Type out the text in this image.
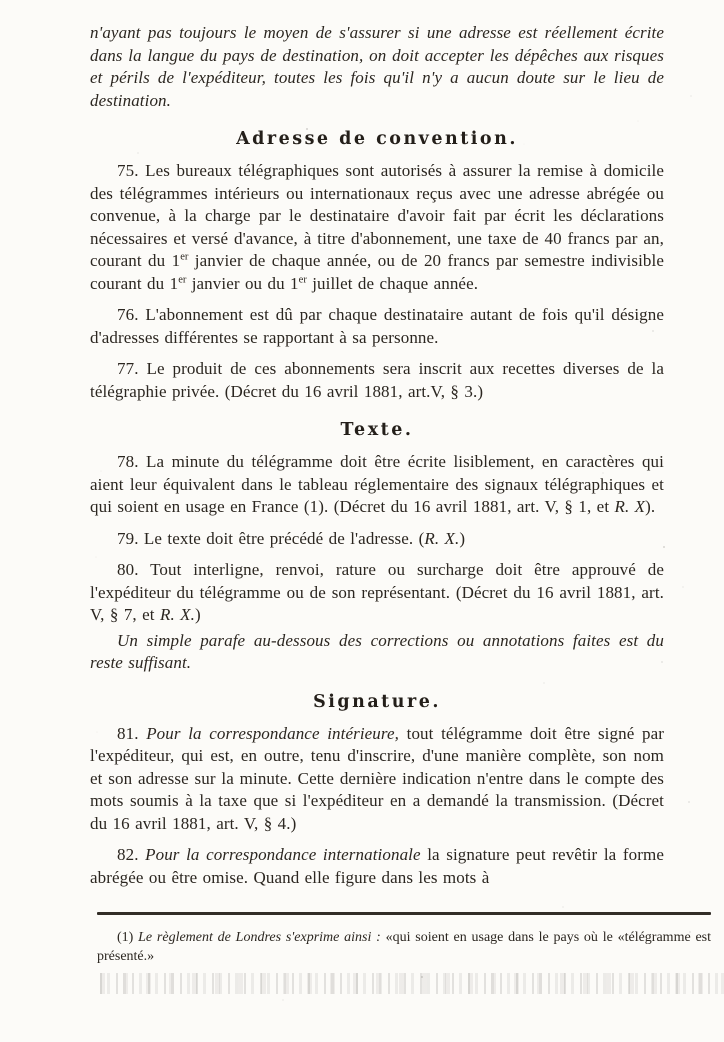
n'ayant pas toujours le moyen de s'assurer si une adresse est réellement écrite dans la langue du pays de destination, on doit accepter les dépêches aux risques et périls de l'expéditeur, toutes les fois qu'il n'y a aucun doute sur le lieu de destination.

Adresse de convention.

75. Les bureaux télégraphiques sont autorisés à assurer la remise à domicile des télégrammes intérieurs ou internationaux reçus avec une adresse abrégée ou convenue, à la charge par le destinataire d'avoir fait par écrit les déclarations nécessaires et versé d'avance, à titre d'abonnement, une taxe de 40 francs par an, courant du 1er janvier de chaque année, ou de 20 francs par semestre indivisible courant du 1er janvier ou du 1er juillet de chaque année.

76. L'abonnement est dû par chaque destinataire autant de fois qu'il désigne d'adresses différentes se rapportant à sa personne.

77. Le produit de ces abonnements sera inscrit aux recettes diverses de la télégraphie privée. (Décret du 16 avril 1881, art.V, § 3.)

Texte.

78. La minute du télégramme doit être écrite lisiblement, en caractères qui aient leur équivalent dans le tableau réglementaire des signaux télégraphiques et qui soient en usage en France (1). (Décret du 16 avril 1881, art. V, § 1, et R. X).

79. Le texte doit être précédé de l'adresse. (R. X.)

80. Tout interligne, renvoi, rature ou surcharge doit être approuvé de l'expéditeur du télégramme ou de son représentant. (Décret du 16 avril 1881, art. V, § 7, et R. X.)

Un simple parafe au-dessous des corrections ou annotations faites est du reste suffisant.

Signature.

81. Pour la correspondance intérieure, tout télégramme doit être signé par l'expéditeur, qui est, en outre, tenu d'inscrire, d'une manière complète, son nom et son adresse sur la minute. Cette dernière indication n'entre dans le compte des mots soumis à la taxe que si l'expéditeur en a demandé la transmission. (Décret du 16 avril 1881, art. V, § 4.)

82. Pour la correspondance internationale la signature peut revêtir la forme abrégée ou être omise. Quand elle figure dans les mots à

(1) Le règlement de Londres s'exprime ainsi : «qui soient en usage dans le pays où le «télégramme est présenté.»
